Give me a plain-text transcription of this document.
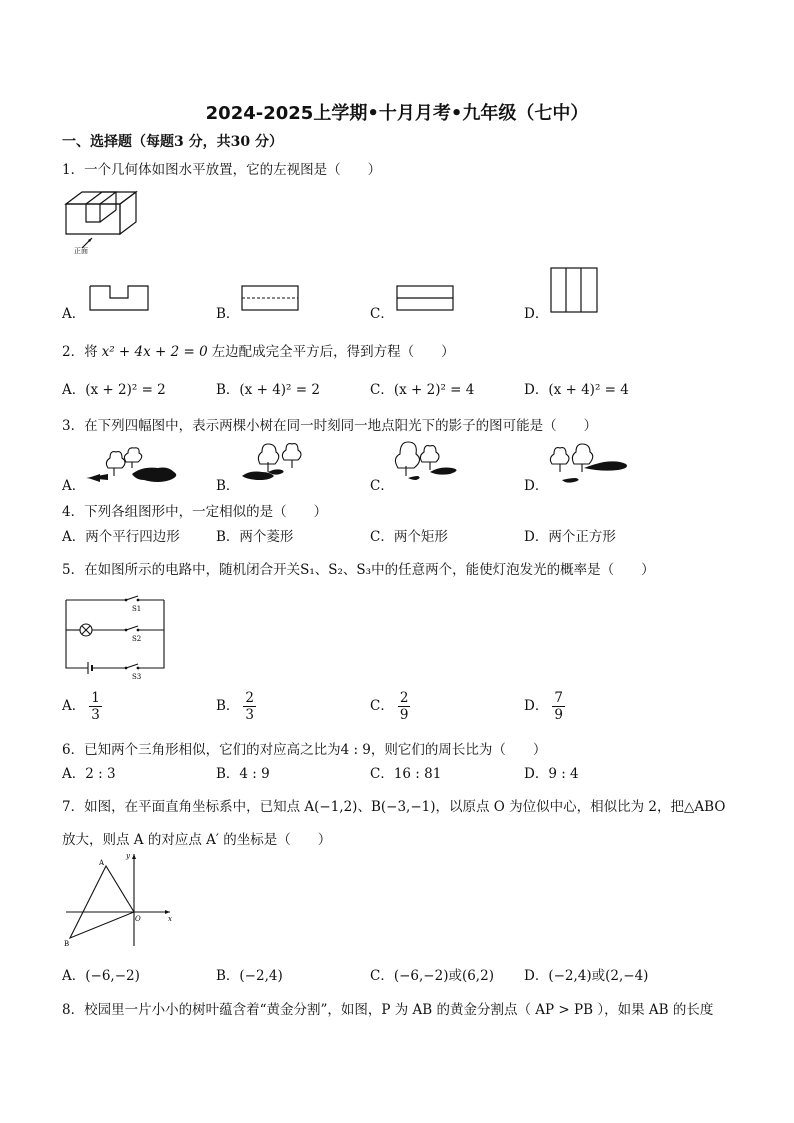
2024-2025上学期•十月月考•九年级（七中）
一、选择题（每题3 分，共30 分）
1．一个几何体如图水平放置，它的左视图是（　　）
正面
A．	B．	C．	D．
2．将 x² + 4x + 2 = 0 左边配成完全平方后，得到方程（　　）
A．(x + 2)² = 2	B．(x + 4)² = 2	C．(x + 2)² = 4	D．(x + 4)² = 4
3．在下列四幅图中，表示两棵小树在同一时刻同一地点阳光下的影子的图可能是（　　）
A．	B．	C．	D．
4．下列各组图形中，一定相似的是（　　）
A．两个平行四边形	B．两个菱形	C．两个矩形	D．两个正方形
5．在如图所示的电路中，随机闭合开关S₁、S₂、S₃中的任意两个，能使灯泡发光的概率是（　　）
S1
S2
S3
A． $\frac{1}{3}$	B． $\frac{2}{3}$	C． $\frac{2}{9}$	D． $\frac{7}{9}$
6．已知两个三角形相似，它们的对应高之比为4 : 9，则它们的周长比为（　　）
A．2 : 3	B．4 : 9	C．16 : 81	D．9 : 4
7．如图，在平面直角坐标系中，已知点 A(−1,2)、B(−3,−1)，以原点 O 为位似中心，相似比为 2，把△ABO
放大，则点 A 的对应点 A′ 的坐标是（　　）
A
B
O	x
y
A．(−6,−2)	B．(−2,4)	C．(−6,−2)或(6,2) D．(−2,4)或(2,−4)
8．校园里一片小小的树叶蕴含着“黄金分割”，如图，P 为 AB 的黄金分割点（ AP > PB ），如果 AB 的长度
